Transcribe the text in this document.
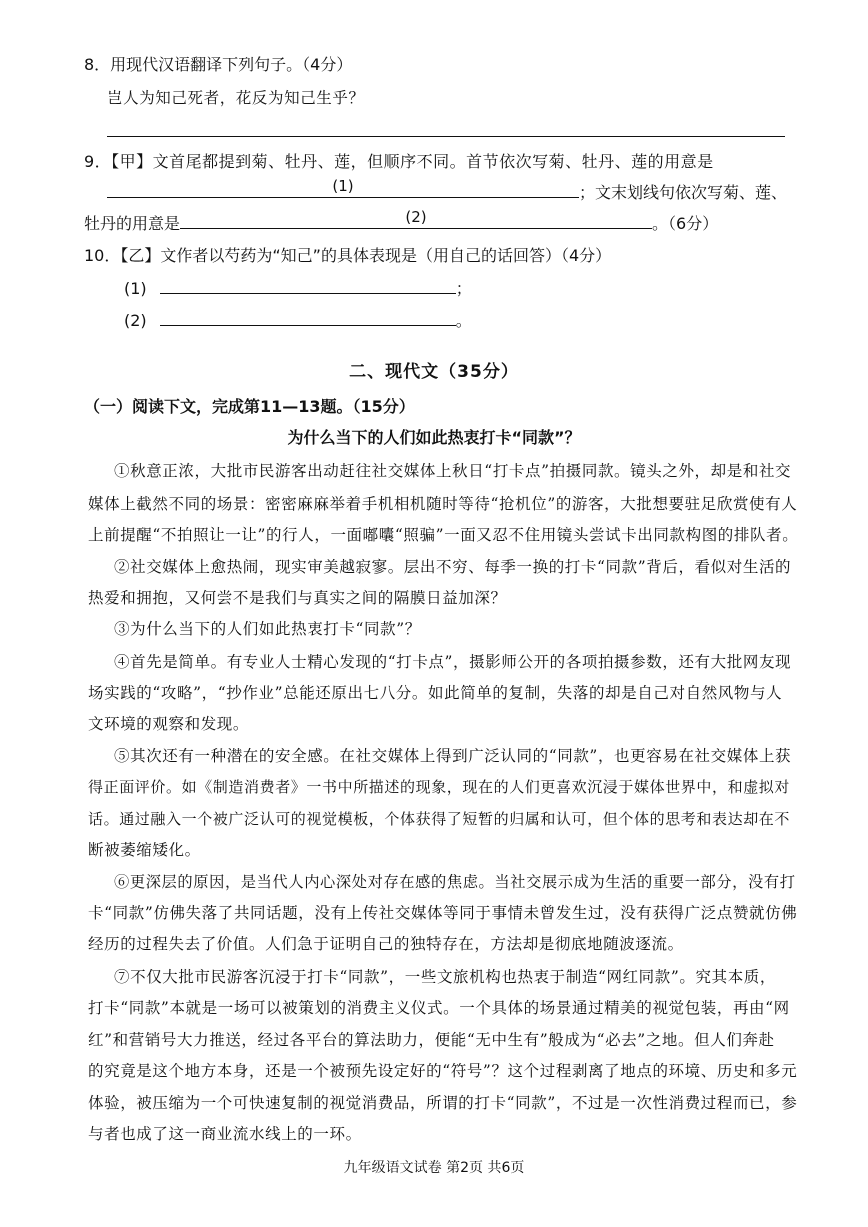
8．用现代汉语翻译下列句子。（4分）
岂人为知己死者，花反为知己生乎？
9．【甲】文首尾都提到菊、牡丹、莲，但顺序不同。首节依次写菊、牡丹、莲的用意是
(1)	；文末划线句依次写菊、莲、
牡丹的用意是	(2)	。（6分）
10．【乙】文作者以芍药为“知己”的具体表现是（用自己的话回答）（4分）
(1)	；
(2)	。
二、现代文（35分）
（一）阅读下文，完成第11—13题。（15分）
为什么当下的人们如此热衷打卡“同款”？
①秋意正浓，大批市民游客出动赶往社交媒体上秋日“打卡点”拍摄同款。镜头之外，却是和社交
媒体上截然不同的场景：密密麻麻举着手机相机随时等待“抢机位”的游客，大批想要驻足欣赏使有人
上前提醒“不拍照让一让”的行人，一面嘟囔“照骗”一面又忍不住用镜头尝试卡出同款构图的排队者。
②社交媒体上愈热闹，现实审美越寂寥。层出不穷、每季一换的打卡“同款”背后，看似对生活的
热爱和拥抱，又何尝不是我们与真实之间的隔膜日益加深？
③为什么当下的人们如此热衷打卡“同款”？
④首先是简单。有专业人士精心发现的“打卡点”，摄影师公开的各项拍摄参数，还有大批网友现
场实践的“攻略”，“抄作业”总能还原出七八分。如此简单的复制，失落的却是自己对自然风物与人
文环境的观察和发现。
⑤其次还有一种潜在的安全感。在社交媒体上得到广泛认同的“同款”，也更容易在社交媒体上获
得正面评价。如《制造消费者》一书中所描述的现象，现在的人们更喜欢沉浸于媒体世界中，和虚拟对
话。通过融入一个被广泛认可的视觉模板，个体获得了短暂的归属和认可，但个体的思考和表达却在不
断被萎缩矮化。
⑥更深层的原因，是当代人内心深处对存在感的焦虑。当社交展示成为生活的重要一部分，没有打
卡“同款”仿佛失落了共同话题，没有上传社交媒体等同于事情未曾发生过，没有获得广泛点赞就仿佛
经历的过程失去了价值。人们急于证明自己的独特存在，方法却是彻底地随波逐流。
⑦不仅大批市民游客沉浸于打卡“同款”，一些文旅机构也热衷于制造“网红同款”。究其本质，
打卡“同款”本就是一场可以被策划的消费主义仪式。一个具体的场景通过精美的视觉包装，再由“网
红”和营销号大力推送，经过各平台的算法助力，便能“无中生有”般成为“必去”之地。但人们奔赴
的究竟是这个地方本身，还是一个被预先设定好的“符号”？这个过程剥离了地点的环境、历史和多元
体验，被压缩为一个可快速复制的视觉消费品，所谓的打卡“同款”，不过是一次性消费过程而已，参
与者也成了这一商业流水线上的一环。
九年级语文试卷 第2页 共6页
